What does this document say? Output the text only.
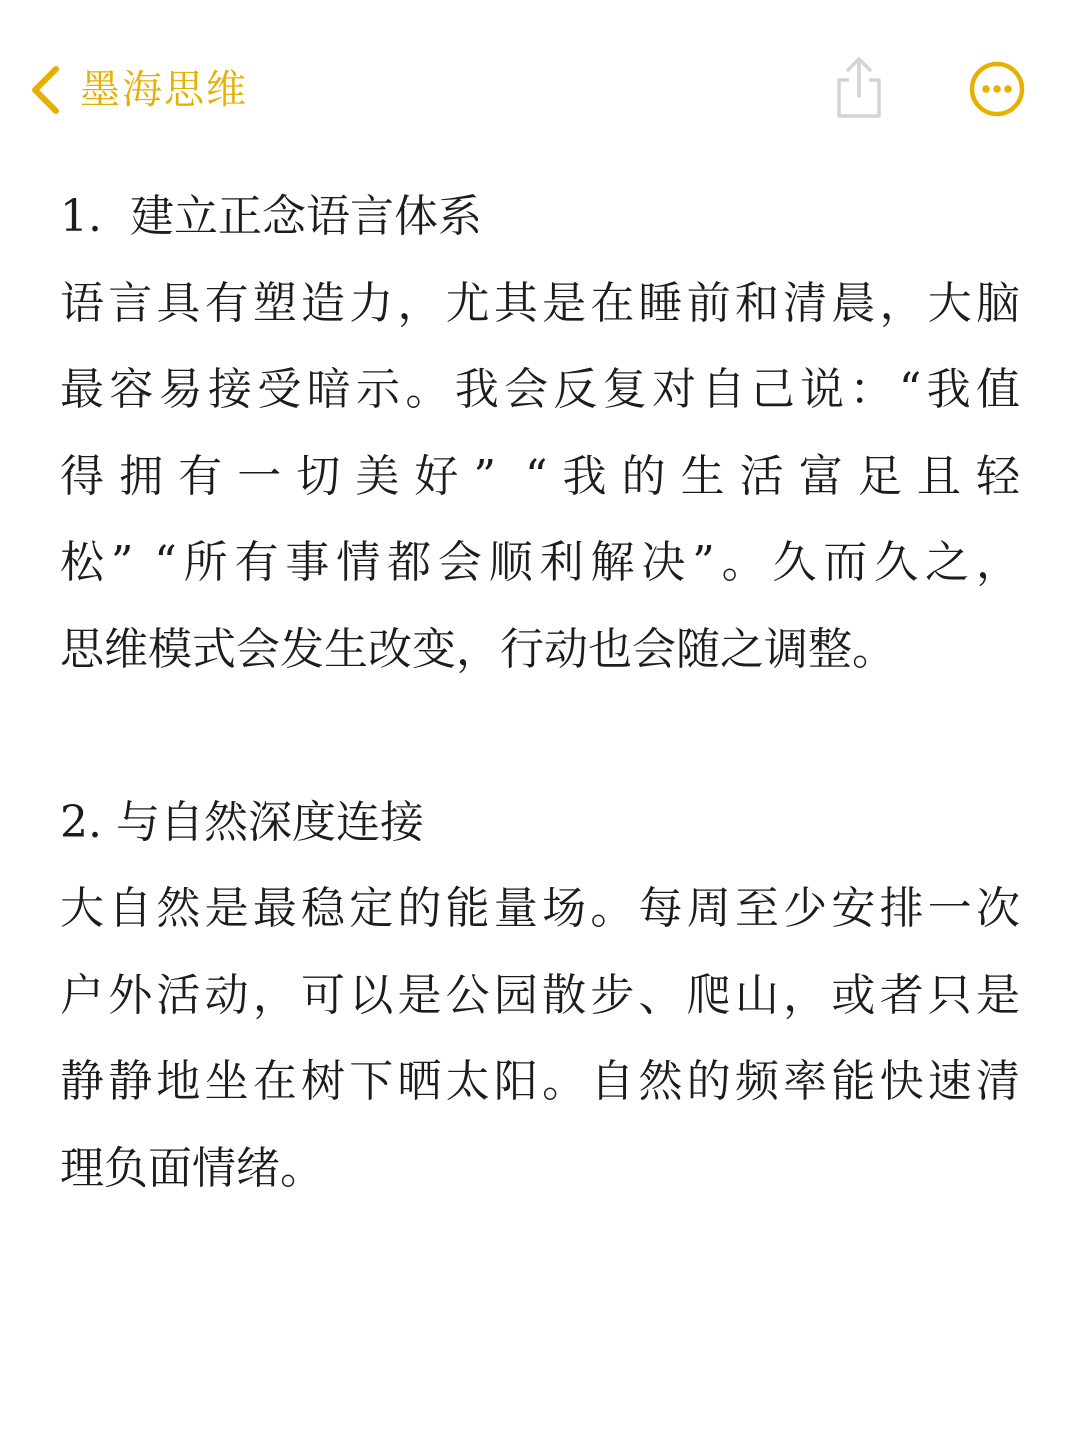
墨海思维
1.  建立正念语言体系
语言具有塑造力，尤其是在睡前和清晨，大脑
最容易接受暗示。我会反复对自己说：“我值
得拥有一切美好” “我的生活富足且轻
松” “所有事情都会顺利解决”。久而久之，
思维模式会发生改变，行动也会随之调整。
2. 与自然深度连接
大自然是最稳定的能量场。每周至少安排一次
户外活动，可以是公园散步、爬山，或者只是
静静地坐在树下晒太阳。自然的频率能快速清
理负面情绪。
